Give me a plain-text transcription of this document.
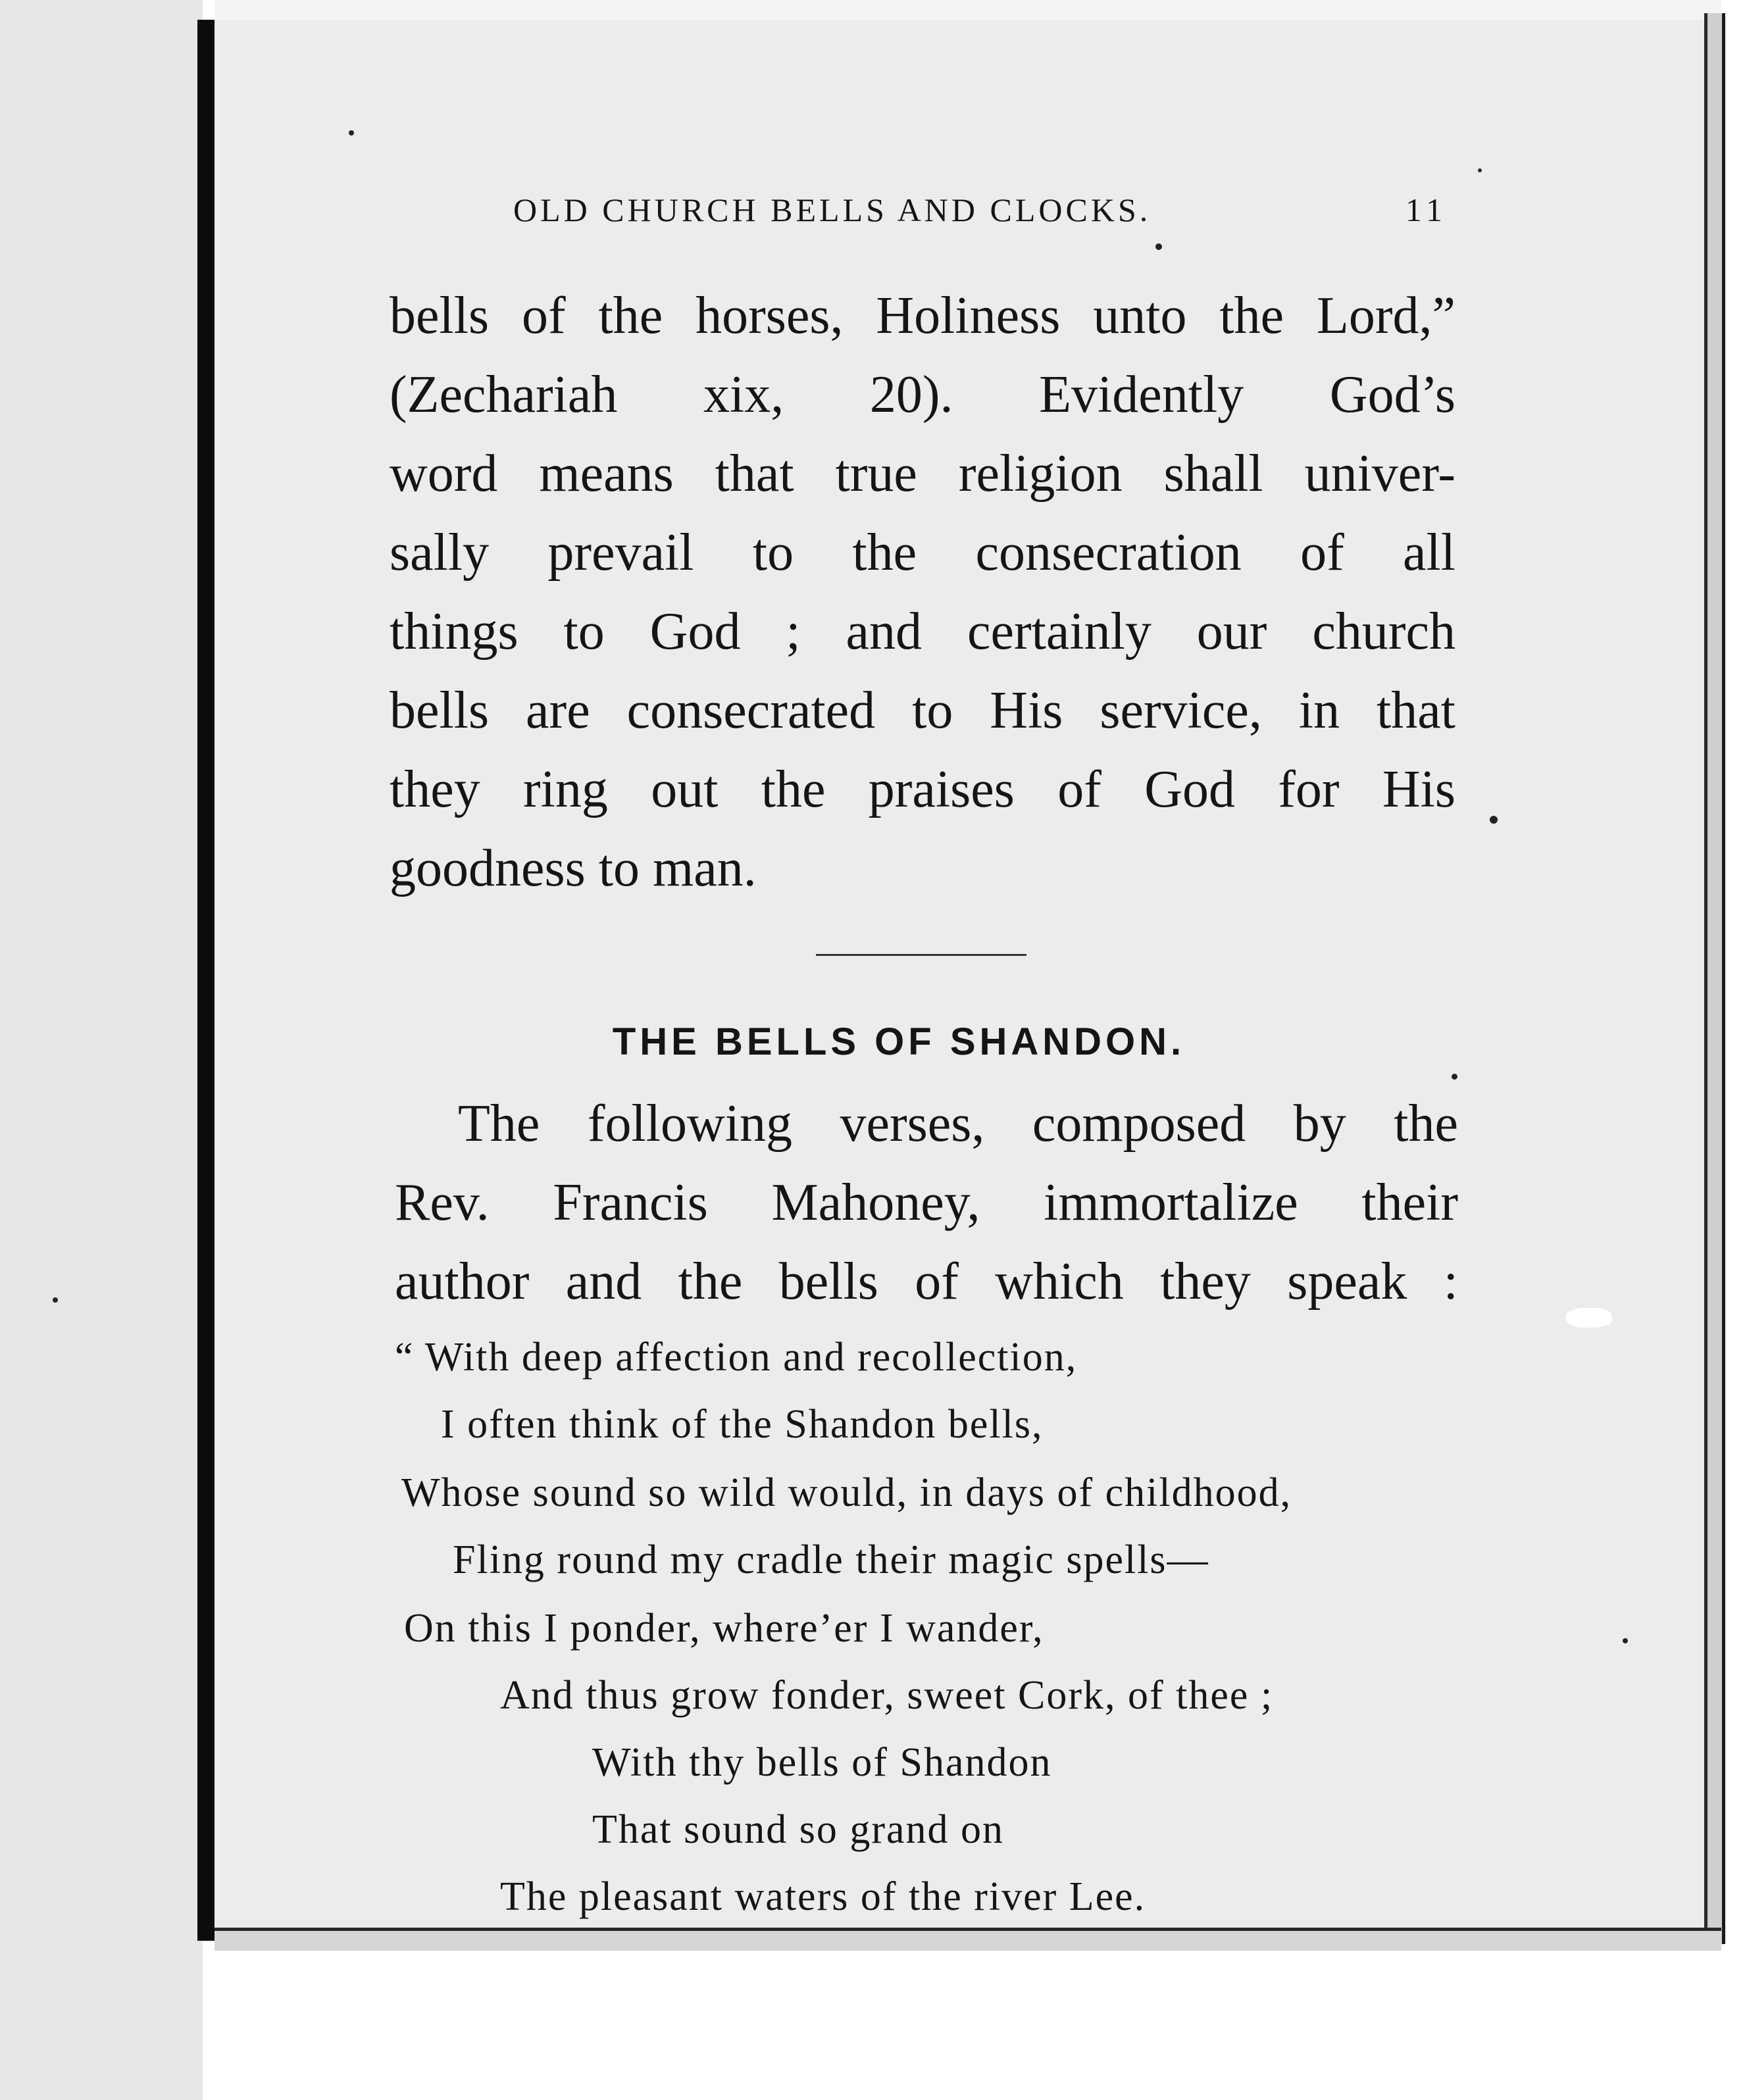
OLD CHURCH BELLS AND CLOCKS.	11
bells of the horses, Holiness unto the Lord,”
(Zechariah xix, 20). Evidently God’s
word means that true religion shall univer-
sally prevail to the consecration of all
things to God ; and certainly our church
bells are consecrated to His service, in that
they ring out the praises of God for His
goodness to man.
THE BELLS OF SHANDON.
The following verses, composed by the
Rev. Francis Mahoney, immortalize their
author and the bells of which they speak :
“ With deep affection and recollection,
I often think of the Shandon bells,
Whose sound so wild would, in days of childhood,
Fling round my cradle their magic spells—
On this I ponder, where’er I wander,
And thus grow fonder, sweet Cork, of thee ;
With thy bells of Shandon
That sound so grand on
The pleasant waters of the river Lee.
